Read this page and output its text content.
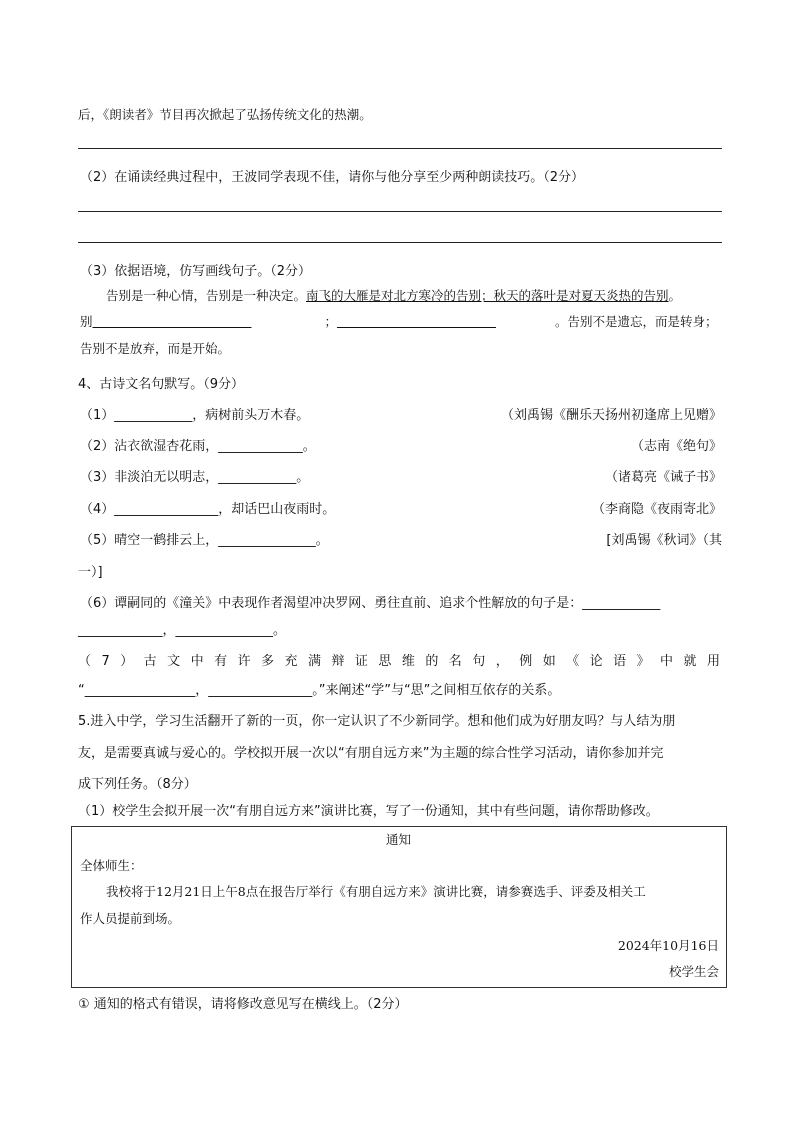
后，《朗读者》节目再次掀起了弘扬传统文化的热潮。
（2）在诵读经典过程中，王波同学表现不佳，请你与他分享至少两种朗读技巧。（2分）
（3）依据语境，仿写画线句子。（2分）
告别是一种心情，告别是一种决定。南飞的大雁是对北方寒冷的告别；秋天的落叶是对夏天炎热的告别。
别	；	。告别不是遗忘，而是转身；
告别不是放弃，而是开始。
4、古诗文名句默写。（9分）
（1）____________，病树前头万木春。	（刘禹锡《酬乐天扬州初逢席上见赠》
（2）沾衣欲湿杏花雨，_____________。	（志南《绝句》
（3）非淡泊无以明志，____________。	（诸葛亮《诫子书》
（4）________________，却话巴山夜雨时。	（李商隐《夜雨寄北》
（5）晴空一鹤排云上，_______________。	[刘禹锡《秋词》（其
一）]
（6）谭嗣同的《潼关》中表现作者渴望冲决罗网、勇往直前、追求个性解放的句子是：____________
_____________，_______________。
（7）古文中有许多充满辩证思维的名句，例如《论语》中就用
“_________________，________________。”来阐述“学”与“思”之间相互依存的关系。
5.进入中学，学习生活翻开了新的一页，你一定认识了不少新同学。想和他们成为好朋友吗？与人结为朋
友，是需要真诚与爱心的。学校拟开展一次以“有朋自远方来”为主题的综合性学习活动，请你参加并完
成下列任务。（8分）
（1）校学生会拟开展一次“有朋自远方来”演讲比赛，写了一份通知，其中有些问题，请你帮助修改。
通知
全体师生：
我校将于12月21日上午8点在报告厅举行《有朋自远方来》演讲比赛，请参赛选手、评委及相关工
作人员提前到场。
2024年10月16日
校学生会
① 通知的格式有错误，请将修改意见写在横线上。（2分）
